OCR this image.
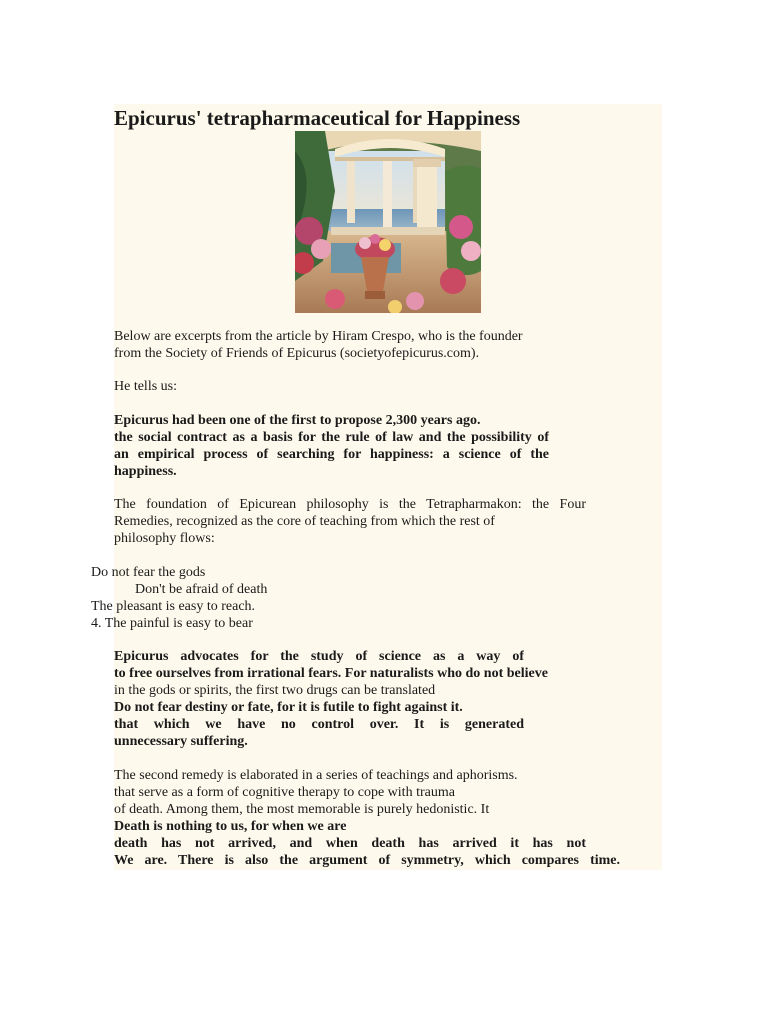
Epicurus' tetrapharmaceutical for Happiness

Below are excerpts from the article by Hiram Crespo, who is the founder

from the Society of Friends of Epicurus (societyofepicurus.com).

He tells us:

Epicurus had been one of the first to propose 2,300 years ago.

the social contract as a basis for the rule of law and the possibility of

an empirical process of searching for happiness: a science of the

happiness.

The foundation of Epicurean philosophy is the Tetrapharmakon: the Four

Remedies, recognized as the core of teaching from which the rest of

philosophy flows:

Do not fear the gods

Don't be afraid of death

The pleasant is easy to reach.

4. The painful is easy to bear

Epicurus advocates for the study of science as a way of

to free ourselves from irrational fears. For naturalists who do not believe

in the gods or spirits, the first two drugs can be translated

Do not fear destiny or fate, for it is futile to fight against it.

that which we have no control over. It is generated

unnecessary suffering.

The second remedy is elaborated in a series of teachings and aphorisms.

that serve as a form of cognitive therapy to cope with trauma

of death. Among them, the most memorable is purely hedonistic. It

Death is nothing to us, for when we are

death has not arrived, and when death has arrived it has not

We are. There is also the argument of symmetry, which compares time.
